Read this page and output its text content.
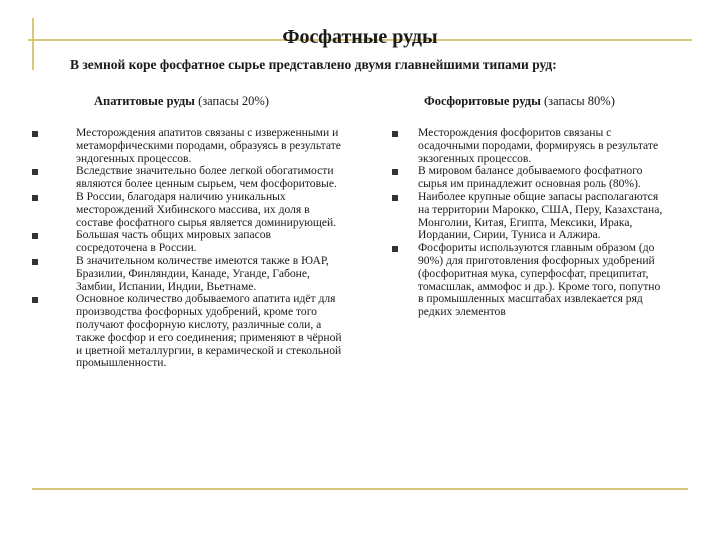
Фосфатные руды
В земной коре фосфатное сырье представлено двумя главнейшими типами руд:
Апатитовые руды (запасы 20%)	Фосфоритовые руды (запасы 80%)
Месторождения апатитов связаны с изверженными и метаморфическими породами, образуясь в результате эндогенных процессов.
Вследствие значительно более легкой обогатимости являются более ценным сырьем, чем фосфоритовые.
В России, благодаря наличию уникальных месторождений Хибинского массива, их доля в составе фосфатного сырья является доминирующей.
Большая часть общих мировых запасов сосредоточена в России.
В значительном количестве имеются также в ЮАР, Бразилии, Финляндии, Канаде, Уганде, Габоне, Замбии, Испании, Индии, Вьетнаме.
Основное количество добываемого апатита идёт для производства фосфорных удобрений, кроме того получают фосфорную кислоту, различные соли, а также фосфор и его соединения; применяют в чёрной и цветной металлургии, в керамической и стекольной промышленности.
Месторождения фосфоритов связаны с осадочными породами, формируясь в результате экзогенных процессов.
В мировом балансе добываемого фосфатного сырья им принадлежит основная роль (80%).
Наиболее крупные общие запасы располагаются на территории Марокко, США, Перу, Казахстана, Монголии, Китая, Египта, Мексики, Ирака, Иордании, Сирии, Туниса и Алжира.
Фосфориты используются главным образом (до 90%) для приготовления фосфорных удобрений (фосфоритная мука, суперфосфат, преципитат, томасшлак, аммофос и др.). Кроме того, попутно в промышленных масштабах извлекается ряд редких элементов
